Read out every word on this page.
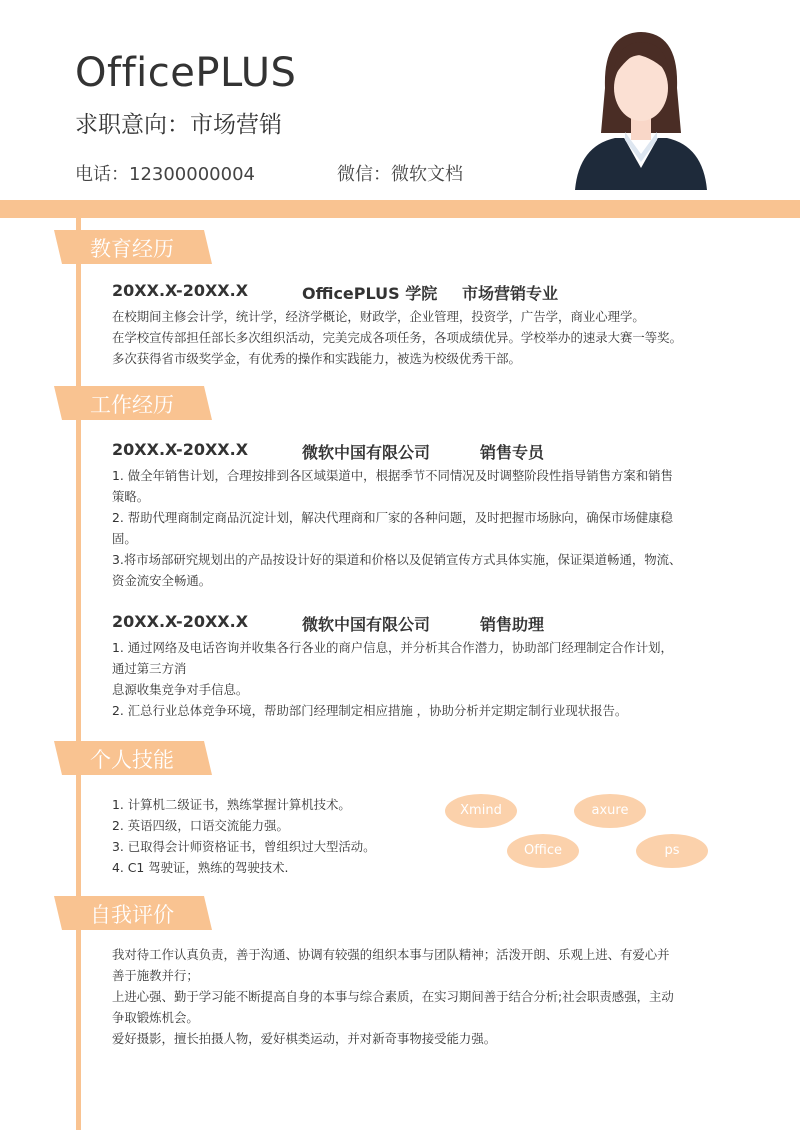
OfficePLUS
求职意向：市场营销
电话：12300000004	微信：微软文档
教育经历
20XX.X-20XX.X	OfficePLUS 学院 市场营销专业
在校期间主修会计学，统计学，经济学概论，财政学，企业管理，投资学，广告学，商业心理学。
在学校宣传部担任部长多次组织活动，完美完成各项任务，各项成绩优异。学校举办的速录大赛一等奖。
多次获得省市级奖学金，有优秀的操作和实践能力，被选为校级优秀干部。
工作经历
20XX.X-20XX.X	微软中国有限公司	销售专员
1. 做全年销售计划，合理按排到各区域渠道中，根据季节不同情况及时调整阶段性指导销售方案和销售
策略。
2. 帮助代理商制定商品沉淀计划，解决代理商和厂家的各种问题，及时把握市场脉向，确保市场健康稳
固。
3.将市场部研究规划出的产品按设计好的渠道和价格以及促销宣传方式具体实施，保证渠道畅通，物流、
资金流安全畅通。
20XX.X-20XX.X	微软中国有限公司	销售助理
1. 通过网络及电话咨询并收集各行各业的商户信息，并分析其合作潜力，协助部门经理制定合作计划，
通过第三方消
息源收集竞争对手信息。
2. 汇总行业总体竞争环境，帮助部门经理制定相应措施 ，协助分析并定期定制行业现状报告。
个人技能
1. 计算机二级证书，熟练掌握计算机技术。
2. 英语四级，口语交流能力强。
3. 已取得会计师资格证书，曾组织过大型活动。
4. C1 驾驶证，熟练的驾驶技术.
Xmind	axure
Office	ps
自我评价
我对待工作认真负责，善于沟通、协调有较强的组织本事与团队精神；活泼开朗、乐观上进、有爱心并
善于施教并行；
上进心强、勤于学习能不断提高自身的本事与综合素质，在实习期间善于结合分析;社会职责感强，主动
争取锻炼机会。
爱好摄影，擅长拍摄人物，爱好棋类运动，并对新奇事物接受能力强。
